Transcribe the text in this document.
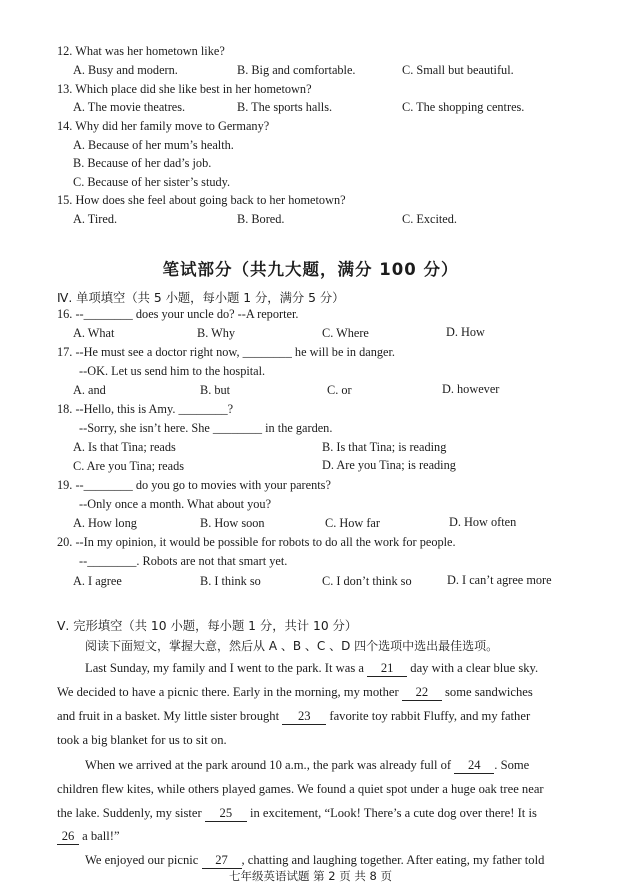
12. What was her hometown like?
A. Busy and modern.	B. Big and comfortable.	C. Small but beautiful.
13. Which place did she like best in her hometown?
A. The movie theatres.	B. The sports halls.	C. The shopping centres.
14. Why did her family move to Germany?
A. Because of her mum’s health.
B. Because of her dad’s job.
C. Because of her sister’s study.
15. How does she feel about going back to her hometown?
A. Tired.	B. Bored.	C. Excited.
笔试部分（共九大题，满分 100 分）
Ⅳ. 单项填空（共 5 小题，每小题 1 分，满分 5 分）
16. --________ does your uncle do? --A reporter.
A. What	B. Why	C. Where	D. How
17. --He must see a doctor right now, ________ he will be in danger.
--OK. Let us send him to the hospital.
A. and	B. but	C. or	D. however
18. --Hello, this is Amy. ________?
--Sorry, she isn’t here. She ________ in the garden.
A. Is that Tina; reads	B. Is that Tina; is reading
C. Are you Tina; reads	D. Are you Tina; is reading
19. --________ do you go to movies with your parents?
--Only once a month. What about you?
A. How long	B. How soon	C. How far	D. How often
20. --In my opinion, it would be possible for robots to do all the work for people.
--________. Robots are not that smart yet.
A. I agree	B. I think so	C. I don’t think so	D. I can’t agree more
Ⅴ. 完形填空（共 10 小题，每小题 1 分，共计 10 分）
阅读下面短文，掌握大意，然后从 A 、B 、C 、D 四个选项中选出最佳选项。
Last Sunday, my family and I went to the park. It was a 21 day with a clear blue sky.
We decided to have a picnic there. Early in the morning, my mother 22 some sandwiches
and fruit in a basket. My little sister brought 23 favorite toy rabbit Fluffy, and my father
took a big blanket for us to sit on.
When we arrived at the park around 10 a.m., the park was already full of 24 . Some
children flew kites, while others played games. We found a quiet spot under a huge oak tree near
the lake. Suddenly, my sister 25 in excitement, “Look! There’s a cute dog over there! It is
26 a ball!”
We enjoyed our picnic 27 , chatting and laughing together. After eating, my father told
七年级英语试题 第 2 页 共 8 页
